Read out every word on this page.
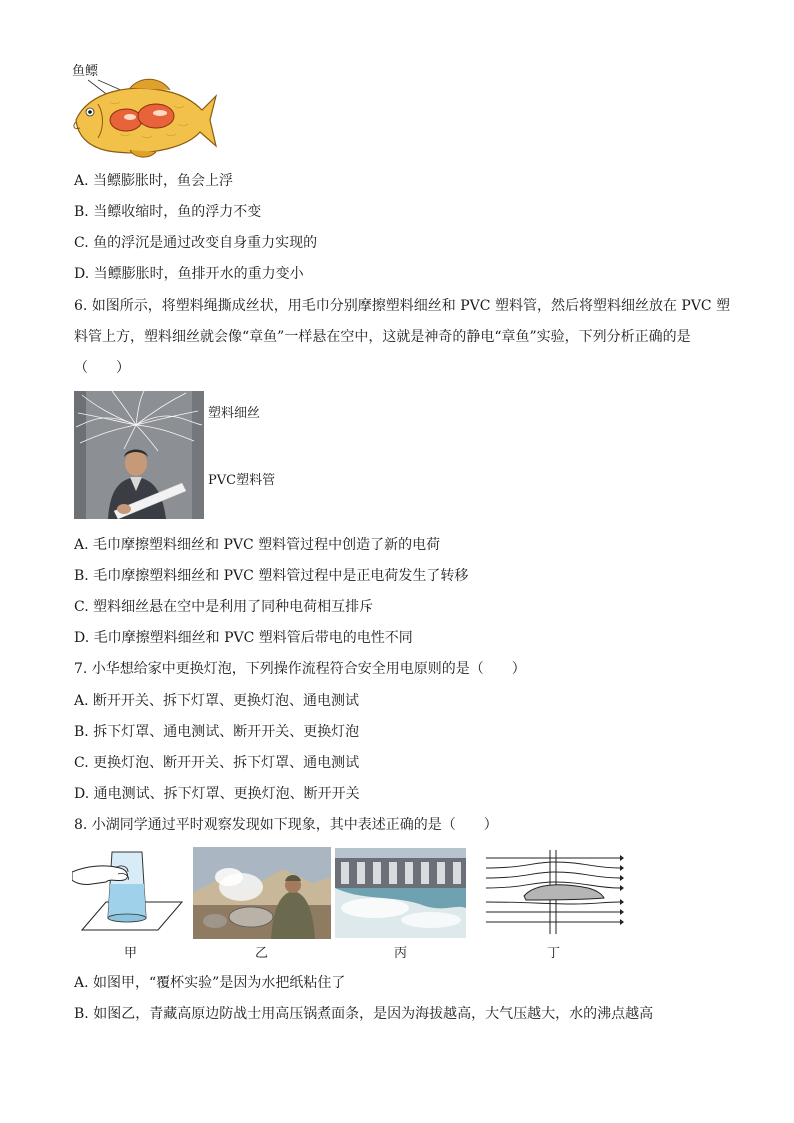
鱼鳔
A. 当鳔膨胀时，鱼会上浮
B. 当鳔收缩时，鱼的浮力不变
C. 鱼的浮沉是通过改变自身重力实现的
D. 当鳔膨胀时，鱼排开水的重力变小
6. 如图所示，将塑料绳撕成丝状，用毛巾分别摩擦塑料细丝和 PVC 塑料管，然后将塑料细丝放在 PVC 塑
料管上方，塑料细丝就会像“章鱼”一样悬在空中，这就是神奇的静电“章鱼”实验，下列分析正确的是
（　　）
塑料细丝
PVC塑料管
A. 毛巾摩擦塑料细丝和 PVC 塑料管过程中创造了新的电荷
B. 毛巾摩擦塑料细丝和 PVC 塑料管过程中是正电荷发生了转移
C. 塑料细丝悬在空中是利用了同种电荷相互排斥
D. 毛巾摩擦塑料细丝和 PVC 塑料管后带电的电性不同
7. 小华想给家中更换灯泡，下列操作流程符合安全用电原则的是（　　）
A. 断开开关、拆下灯罩、更换灯泡、通电测试
B. 拆下灯罩、通电测试、断开开关、更换灯泡
C. 更换灯泡、断开开关、拆下灯罩、通电测试
D. 通电测试、拆下灯罩、更换灯泡、断开开关
8. 小湖同学通过平时观察发现如下现象，其中表述正确的是（　　）
甲	乙	丙	丁
A. 如图甲，“覆杯实验”是因为水把纸粘住了
B. 如图乙，青藏高原边防战士用高压锅煮面条，是因为海拔越高，大气压越大，水的沸点越高
